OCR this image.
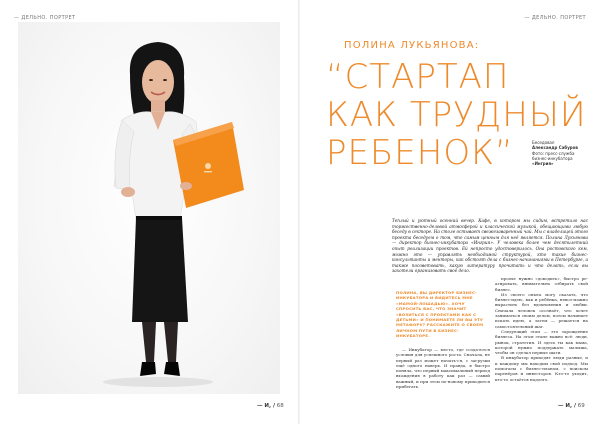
— ДЕЛЬНО. ПОРТРЕТ
— И, / 68
— ДЕЛЬНО. ПОРТРЕТ
ПОЛИНА ЛУКЬЯНОВА:
“СТАРТАП
КАК ТРУДНЫЙ
РЕБЕНОК”	Беседовал
Александр Сабуров
Фото: пресс-служба
бизнес-инкубатора
«Ингрия»
Теплый и уютный осенний вечер. Кафе, в котором мы сидим, встретило нас торжественно-деловой атмосферой и классической музыкой, обещающими любую беседу в секторе. На столе остывает свежезаваренный чай. Мы с владелицей этого проекта беседуем о том, что самым ценным для неё является. Полина Лукьянова — директор бизнес-инкубатора «Ингрия». У человека более чем десятилетний опыт реализации проектов. Ей непросто удостоверилось. Она ростовского кем, можно это — управлять необходимой структурой, кто такие бизнес-консультанты и менторы, как обстоят дела с бизнес-начинаниями в Петербурге, а также посоветовать, какую литературу прочитать и что делать, если вы захотели организовать своё дело.
ПОЛИНА, ВЫ ДИРЕКТОР БИЗНЕС-ИНКУБАТОРА И ВИДИТЕСЬ МНЕ «МАМОЙ-ЛОШАДЬЮ». ХОЧУ СПРОСИТЬ ВАС, ЧТО ЗНАЧИТ «ВОЗИТЬСЯ С ПРОЕКТАМИ КАК С ДЕТЬМИ» И ПОНИМАЕТЕ ЛИ ВЫ ЭТУ МЕТАФОРУ? РАССКАЖИТЕ О СВОЕМ ЛИЧНОМ ПУТИ В БИЗНЕС-ИНКУБАТОРЕ.

— Инкубатор — место, где созда-ются условия для успешного роста. Сначала, не первый раз может начать-ся, с загрузки ещё одного наверх. И правда, я быстро поняла, что первый максимальный период вхождения в работу как раз — самый важный, и при этом по-новому приходится прибегать.

проект нужно «доводить», быстро ре-агировать, внимательно отбирать свой бизнес.

Из своего опыта могу сказать, что бизнес-идею, как и ребёнка, невоз-можно вырастить без вдохновения и любви. Сначала человек осознаёт, что хочет заниматься своим делом, потом начинает искать идею, а затем — решается на самостоятельный шаг.

Следующий этап — это зарождение бизнеса. На этом этапе важно всё: люди, рынок, стратегия. И здесь ты как мама, которой нужно поддержать малыша, чтобы он сделал первые шаги.

В инкубатор приходят люди разные, и к каждому мы находим свой подход. Мы помогаем с бизнес-планом, с поиском партнёров и инвесторов. Кто-то уходит, кто-то остаётся надолго.

— И, / 69
